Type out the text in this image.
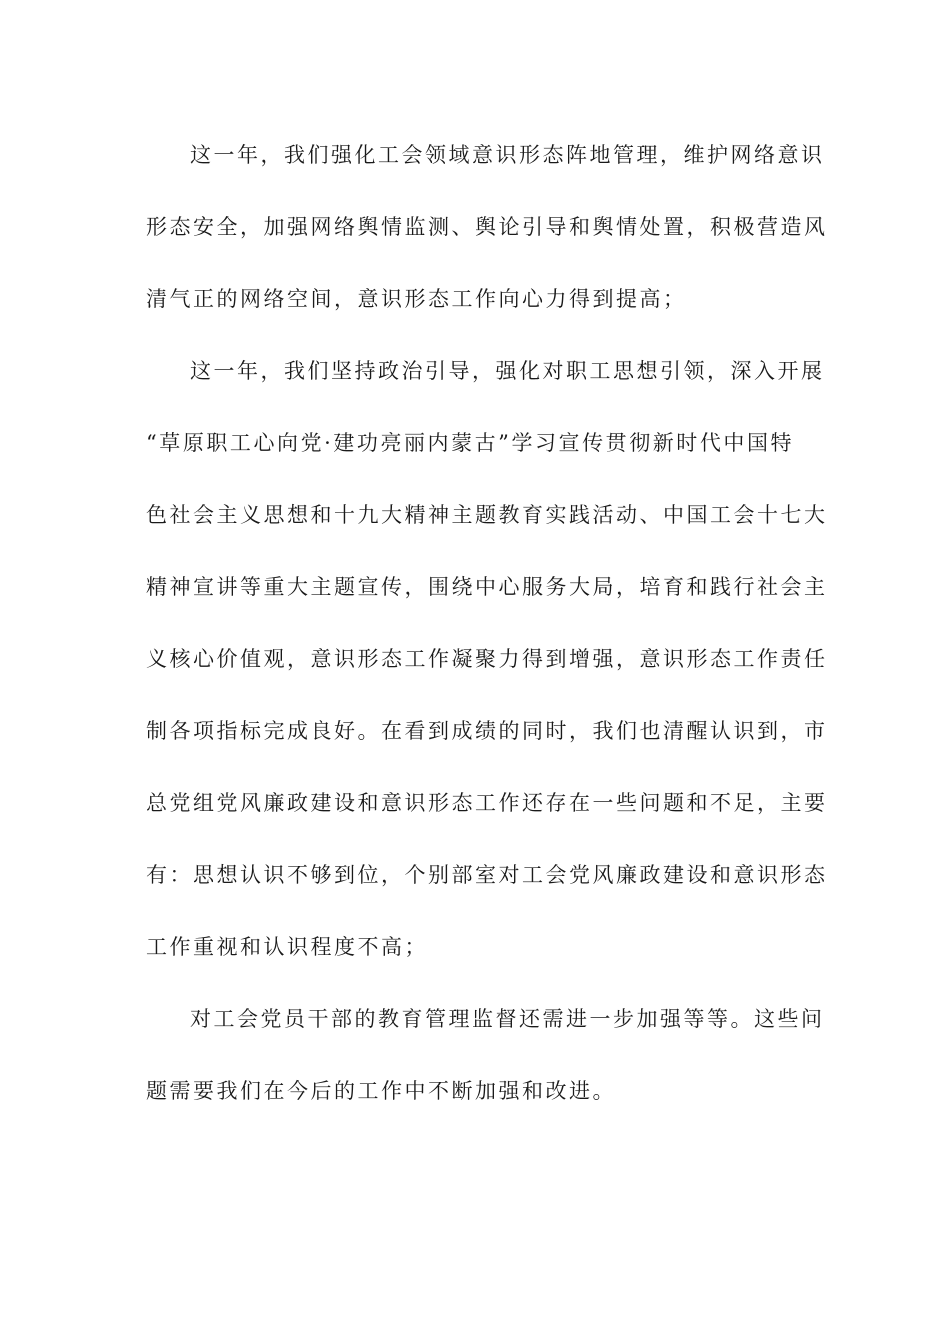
这一年，我们强化工会领域意识形态阵地管理，维护网络意识
形态安全，加强网络舆情监测、舆论引导和舆情处置，积极营造风
清气正的网络空间，意识形态工作向心力得到提高；
这一年，我们坚持政治引导，强化对职工思想引领，深入开展
“草原职工心向党·建功亮丽内蒙古”学习宣传贯彻新时代中国特
色社会主义思想和十九大精神主题教育实践活动、中国工会十七大
精神宣讲等重大主题宣传，围绕中心服务大局，培育和践行社会主
义核心价值观，意识形态工作凝聚力得到增强，意识形态工作责任
制各项指标完成良好。在看到成绩的同时，我们也清醒认识到，市
总党组党风廉政建设和意识形态工作还存在一些问题和不足，主要
有：思想认识不够到位，个别部室对工会党风廉政建设和意识形态
工作重视和认识程度不高；
对工会党员干部的教育管理监督还需进一步加强等等。这些问
题需要我们在今后的工作中不断加强和改进。
